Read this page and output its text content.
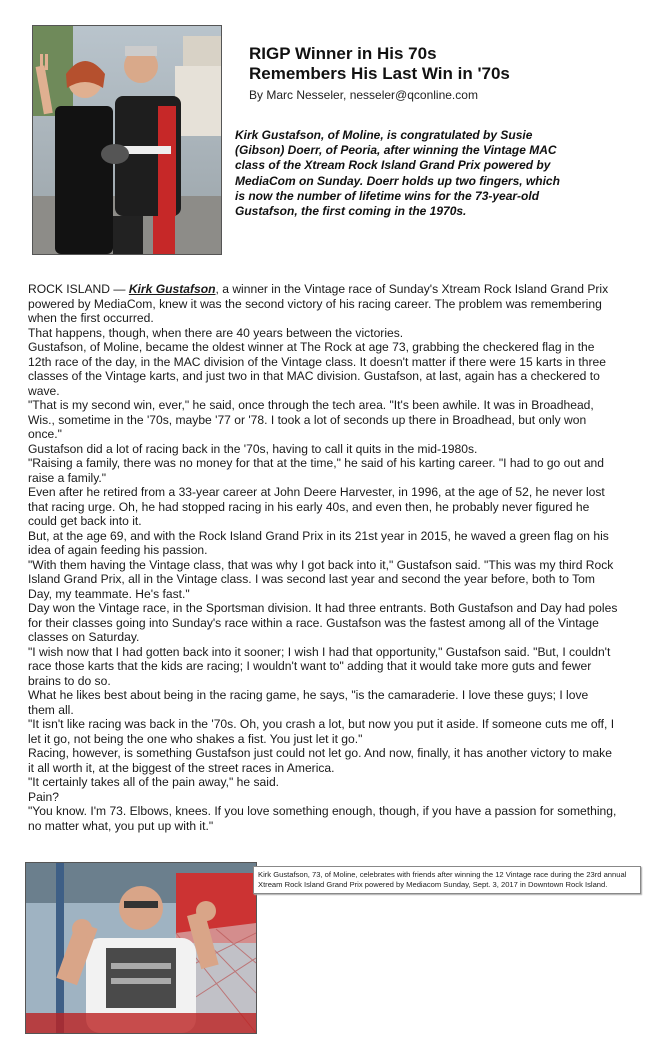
RIGP Winner in His 70s
Remembers His Last Win in '70s
By Marc Nesseler, nesseler@qconline.com
Kirk Gustafson, of Moline, is congratulated by Susie (Gibson) Doerr, of Peoria, after winning the Vintage MAC class of the Xtream Rock Island Grand Prix powered by MediaCom on Sunday. Doerr holds up two fingers, which is now the number of lifetime wins for the 73-year-old Gustafson, the first coming in the 1970s.

ROCK ISLAND — Kirk Gustafson, a winner in the Vintage race of Sunday's Xtream Rock Island Grand Prix powered by MediaCom, knew it was the second victory of his racing career. The problem was remembering when the first occurred.

That happens, though, when there are 40 years between the victories.

Gustafson, of Moline, became the oldest winner at The Rock at age 73, grabbing the checkered flag in the 12th race of the day, in the MAC division of the Vintage class. It doesn't matter if there were 15 karts in three classes of the Vintage karts, and just two in that MAC division. Gustafson, at last, again has a checkered to wave.

"That is my second win, ever," he said, once through the tech area. "It's been awhile. It was in Broadhead, Wis., sometime in the '70s, maybe '77 or '78. I took a lot of seconds up there in Broadhead, but only won once."

Gustafson did a lot of racing back in the '70s, having to call it quits in the mid-1980s.

"Raising a family, there was no money for that at the time," he said of his karting career. "I had to go out and raise a family."

Even after he retired from a 33-year career at John Deere Harvester, in 1996, at the age of 52, he never lost that racing urge. Oh, he had stopped racing in his early 40s, and even then, he probably never figured he could get back into it.

But, at the age 69, and with the Rock Island Grand Prix in its 21st year in 2015, he waved a green flag on his idea of again feeding his passion.

"With them having the Vintage class, that was why I got back into it," Gustafson said. "This was my third Rock Island Grand Prix, all in the Vintage class. I was second last year and second the year before, both to Tom Day, my teammate. He's fast."

Day won the Vintage race, in the Sportsman division. It had three entrants. Both Gustafson and Day had poles for their classes going into Sunday's race within a race. Gustafson was the fastest among all of the Vintage classes on Saturday.

"I wish now that I had gotten back into it sooner; I wish I had that opportunity," Gustafson said. "But, I couldn't race those karts that the kids are racing; I wouldn't want to" adding that it would take more guts and fewer brains to do so.

What he likes best about being in the racing game, he says, "is the camaraderie. I love these guys; I love them all.

"It isn't like racing was back in the '70s. Oh, you crash a lot, but now you put it aside. If someone cuts me off, I let it go, not being the one who shakes a fist. You just let it go."

Racing, however, is something Gustafson just could not let go. And now, finally, it has another victory to make it all worth it, at the biggest of the street races in America.

"It certainly takes all of the pain away," he said.

Pain?

"You know. I'm 73. Elbows, knees. If you love something enough, though, if you have a passion for something, no matter what, you put up with it."

Kirk Gustafson, 73, of Moline, celebrates with friends after winning the 12 Vintage race during the 23rd annual Xtream Rock Island Grand Prix powered by Mediacom Sunday, Sept. 3, 2017 in Downtown Rock Island.
